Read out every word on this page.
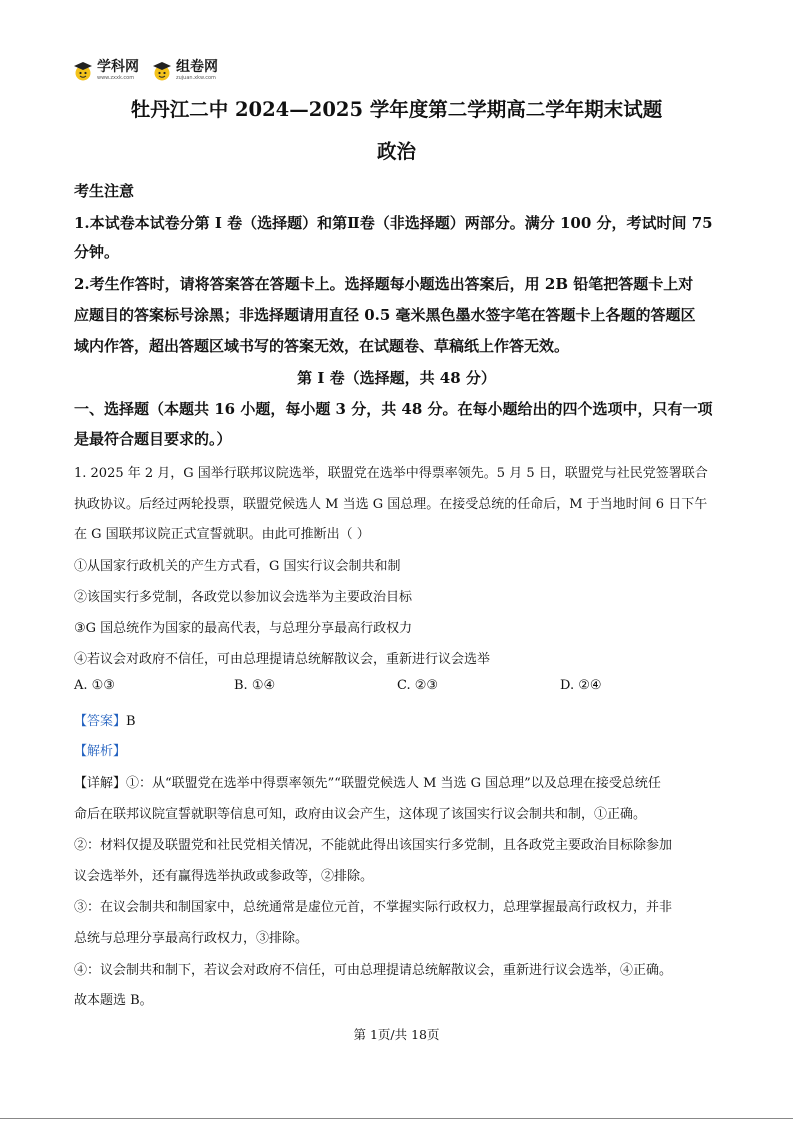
学科网
www.zxxk.com
组卷网
zujuan.xkw.com
牡丹江二中 2024—2025 学年度第二学期高二学年期末试题
政治
考生注意
1.本试卷本试卷分第 I 卷（选择题）和第Ⅱ卷（非选择题）两部分。满分 100 分，考试时间 75
分钟。
2.考生作答时，请将答案答在答题卡上。选择题每小题选出答案后，用 2B 铅笔把答题卡上对
应题目的答案标号涂黑；非选择题请用直径 0.5 毫米黑色墨水签字笔在答题卡上各题的答题区
域内作答，超出答题区域书写的答案无效，在试题卷、草稿纸上作答无效。
第 I 卷（选择题，共 48 分）
一、选择题（本题共 16 小题，每小题 3 分，共 48 分。在每小题给出的四个选项中，只有一项
是最符合题目要求的。）
1. 2025 年 2 月，G 国举行联邦议院选举，联盟党在选举中得票率领先。5 月 5 日，联盟党与社民党签署联合
执政协议。后经过两轮投票，联盟党候选人 M 当选 G 国总理。在接受总统的任命后，M 于当地时间 6 日下午
在 G 国联邦议院正式宣誓就职。由此可推断出（ ）
①从国家行政机关的产生方式看，G 国实行议会制共和制
②该国实行多党制，各政党以参加议会选举为主要政治目标
③G 国总统作为国家的最高代表，与总理分享最高行政权力
④若议会对政府不信任，可由总理提请总统解散议会，重新进行议会选举
A. ①③	B. ①④	C. ②③	D. ②④
【答案】B
【解析】
【详解】①：从“联盟党在选举中得票率领先”“联盟党候选人 M 当选 G 国总理”以及总理在接受总统任
命后在联邦议院宣誓就职等信息可知，政府由议会产生，这体现了该国实行议会制共和制，①正确。
②：材料仅提及联盟党和社民党相关情况，不能就此得出该国实行多党制，且各政党主要政治目标除参加
议会选举外，还有赢得选举执政或参政等，②排除。
③：在议会制共和制国家中，总统通常是虚位元首，不掌握实际行政权力，总理掌握最高行政权力，并非
总统与总理分享最高行政权力，③排除。
④：议会制共和制下，若议会对政府不信任，可由总理提请总统解散议会，重新进行议会选举，④正确。
故本题选 B。
第 1页/共 18页
